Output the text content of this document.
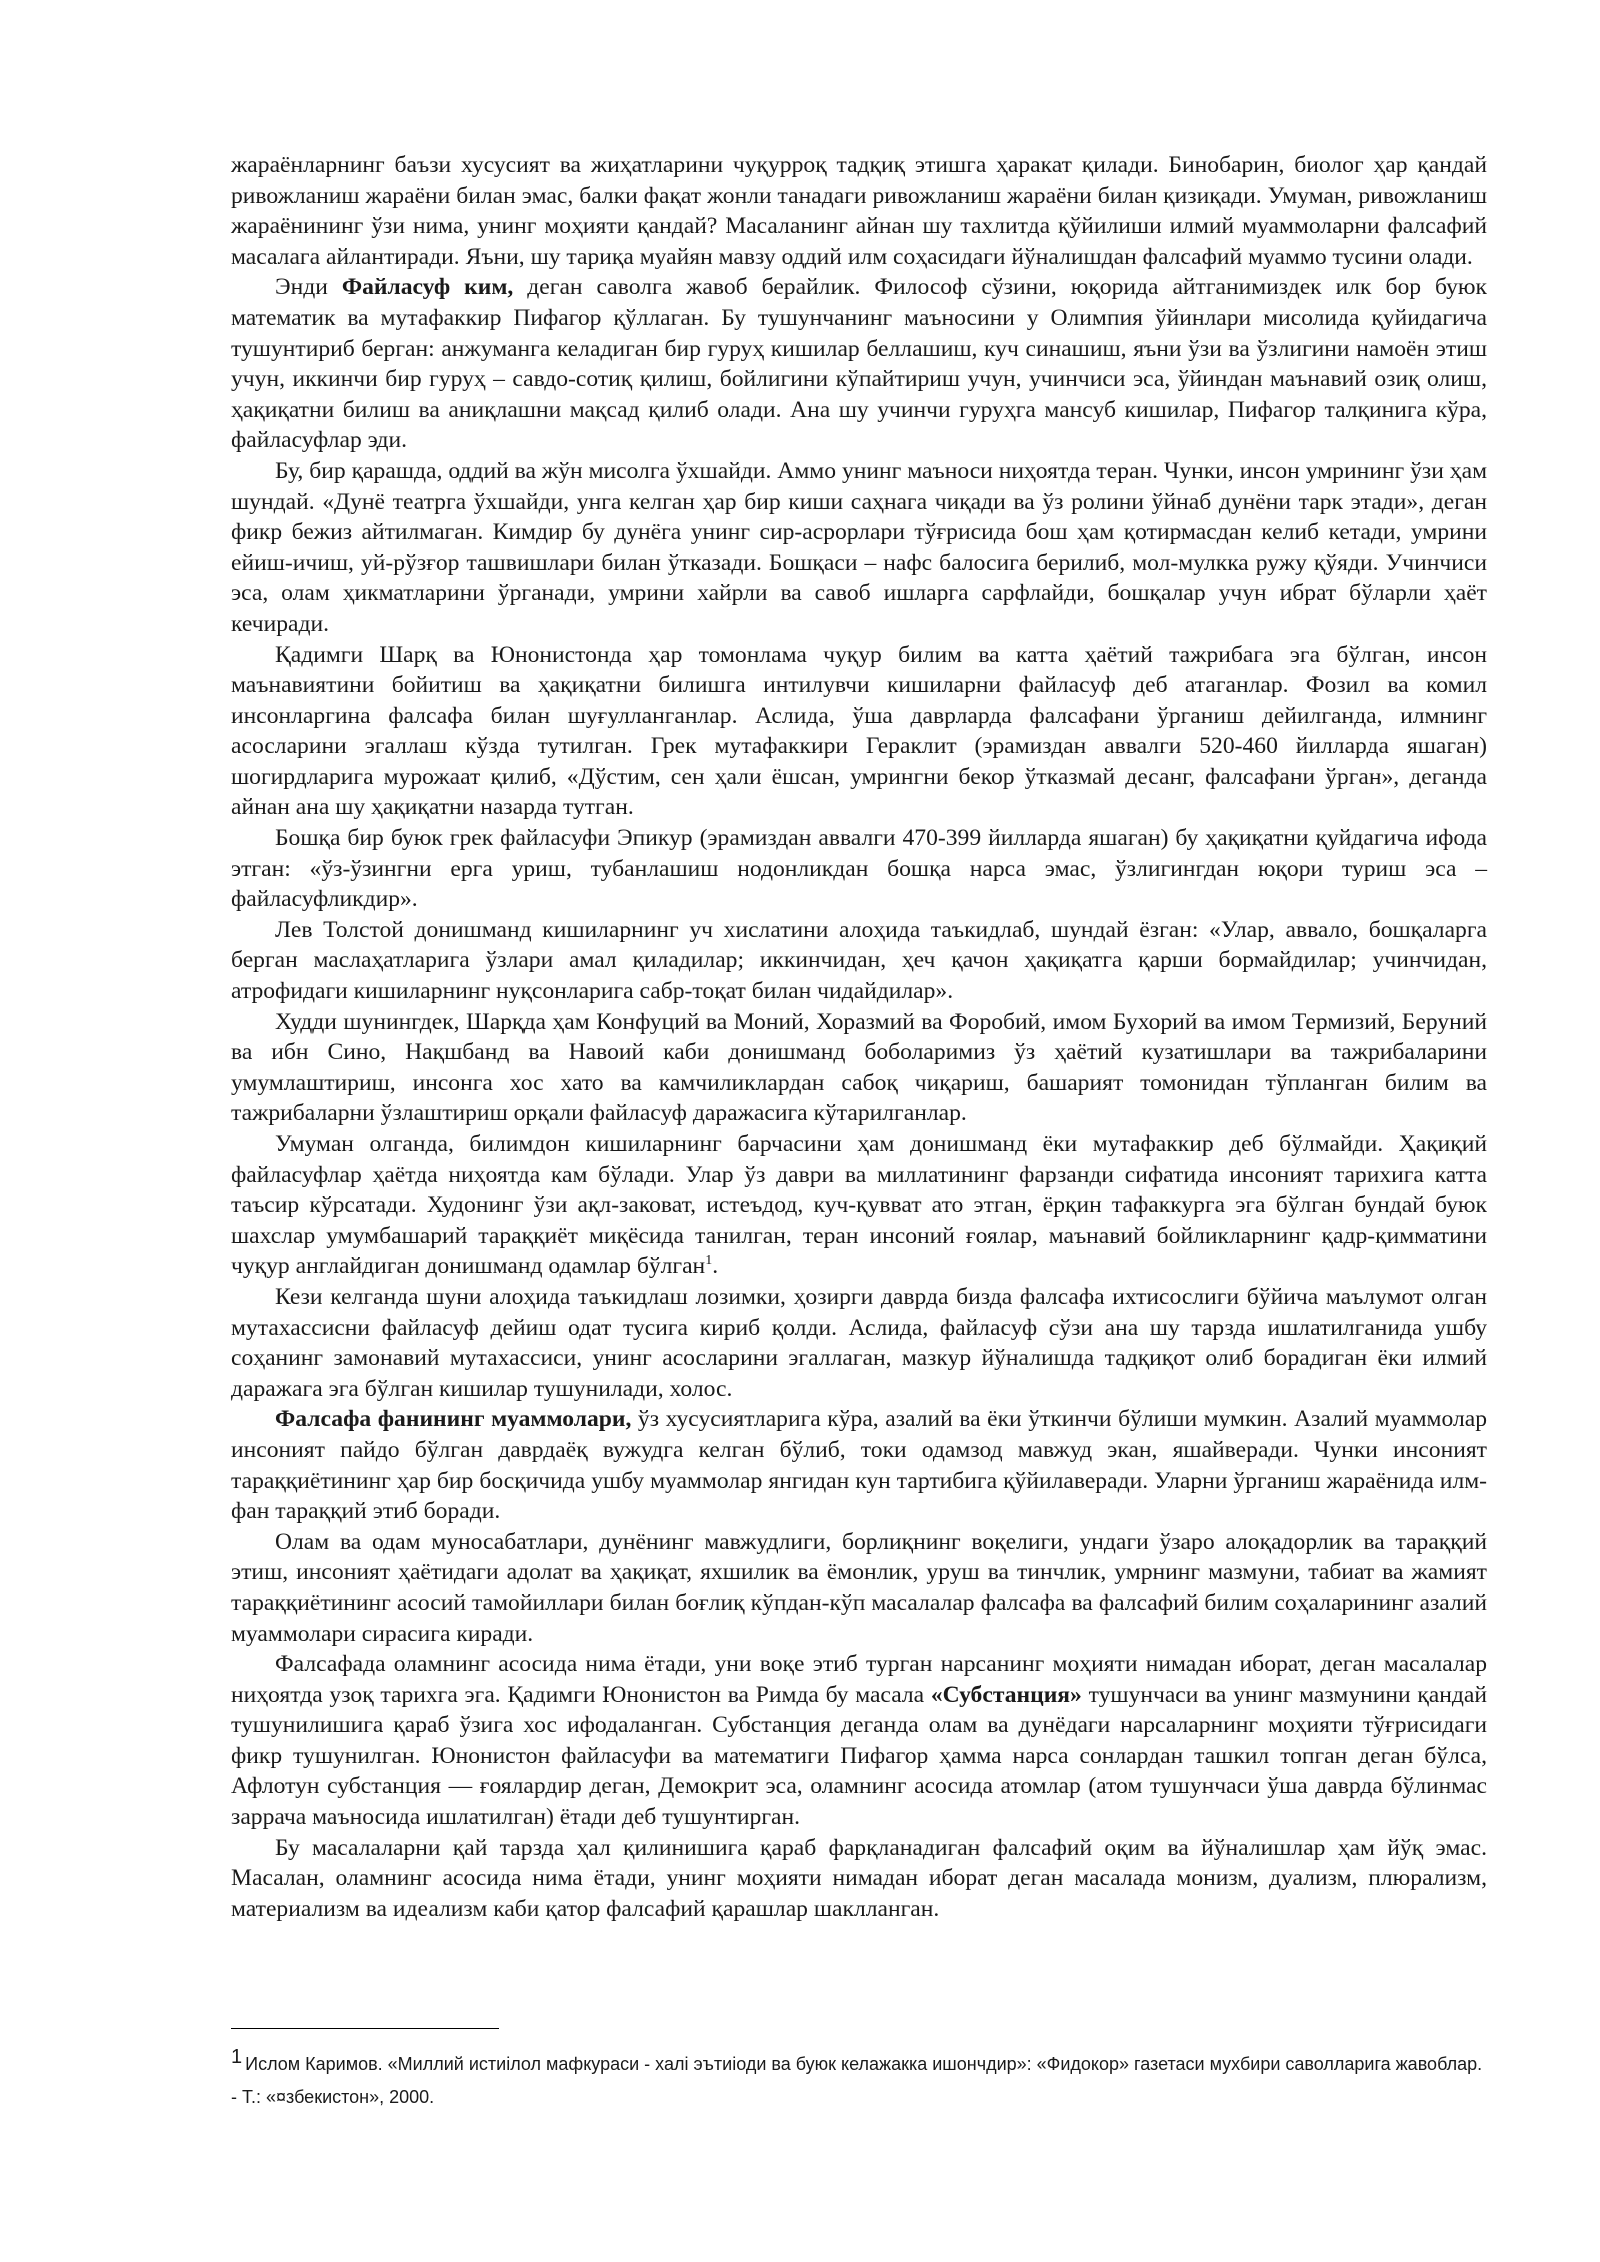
жараёнларнинг баъзи хусусият ва жиҳатларини чуқурроқ тадқиқ этишга ҳаракат қилади. Бинобарин, биолог ҳар қандай ривожланиш жараёни билан эмас, балки фақат жонли танадаги ривожланиш жараёни билан қизиқади. Умуман, ривожланиш жараёнининг ўзи нима, унинг моҳияти қандай? Масаланинг айнан шу тахлитда қўйилиши илмий муаммоларни фалсафий масалага айлантиради. Яъни, шу тариқа муайян мавзу оддий илм соҳасидаги йўналишдан фалсафий муаммо тусини олади.

Энди Файласуф ким, деган саволга жавоб берайлик. Философ сўзини, юқорида айтганимиздек илк бор буюк математик ва мутафаккир Пифагор қўллаган. Бу тушунчанинг маъносини у Олимпия ўйинлари мисолида қуйидагича тушунтириб берган: анжуманга келадиган бир гуруҳ кишилар беллашиш, куч синашиш, яъни ўзи ва ўзлигини намоён этиш учун, иккинчи бир гуруҳ – савдо-сотиқ қилиш, бойлигини кўпайтириш учун, учинчиси эса, ўйиндан маънавий озиқ олиш, ҳақиқатни билиш ва аниқлашни мақсад қилиб олади. Ана шу учинчи гуруҳга мансуб кишилар, Пифагор талқинига кўра, файласуфлар эди.

Бу, бир қарашда, оддий ва жўн мисолга ўхшайди. Аммо унинг маъноси ниҳоятда теран. Чунки, инсон умрининг ўзи ҳам шундай. «Дунё театрга ўхшайди, унга келган ҳар бир киши саҳнага чиқади ва ўз ролини ўйнаб дунёни тарк этади», деган фикр бежиз айтилмаган. Кимдир бу дунёга унинг сир-асрорлари тўғрисида бош ҳам қотирмасдан келиб кетади, умрини ейиш-ичиш, уй-рўзғор ташвишлари билан ўтказади. Бошқаси – нафс балосига берилиб, мол-мулкка ружу қўяди. Учинчиси эса, олам ҳикматларини ўрганади, умрини хайрли ва савоб ишларга сарфлайди, бошқалар учун ибрат бўларли ҳаёт кечиради.

Қадимги Шарқ ва Юнонистонда ҳар томонлама чуқур билим ва катта ҳаётий тажрибага эга бўлган, инсон маънавиятини бойитиш ва ҳақиқатни билишга интилувчи кишиларни файласуф деб атаганлар. Фозил ва комил инсонларгина фалсафа билан шуғулланганлар. Аслида, ўша даврларда фалсафани ўрганиш дейилганда, илмнинг асосларини эгаллаш кўзда тутилган. Грек мутафаккири Гераклит (эрамиздан аввалги 520-460 йилларда яшаган) шогирдларига мурожаат қилиб, «Дўстим, сен ҳали ёшсан, умрингни бекор ўтказмай десанг, фалсафани ўрган», деганда айнан ана шу ҳақиқатни назарда тутган.

Бошқа бир буюк грек файласуфи Эпикур (эрамиздан аввалги 470-399 йилларда яшаган) бу ҳақиқатни қуйдагича ифода этган: «ўз-ўзингни ерга уриш, тубанлашиш нодонликдан бошқа нарса эмас, ўзлигингдан юқори туриш эса – файласуфликдир».

Лев Толстой донишманд кишиларнинг уч хислатини алоҳида таъкидлаб, шундай ёзган: «Улар, аввало, бошқаларга берган маслаҳатларига ўзлари амал қиладилар; иккинчидан, ҳеч қачон ҳақиқатга қарши бормайдилар; учинчидан, атрофидаги кишиларнинг нуқсонларига сабр-тоқат билан чидайдилар».

Худди шунингдек, Шарқда ҳам Конфуций ва Моний, Хоразмий ва Форобий, имом Бухорий ва имом Термизий, Беруний ва ибн Сино, Нақшбанд ва Навоий каби донишманд боболаримиз ўз ҳаётий кузатишлари ва тажрибаларини умумлаштириш, инсонга хос хато ва камчиликлардан сабоқ чиқариш, башарият томонидан тўпланган билим ва тажрибаларни ўзлаштириш орқали файласуф даражасига кўтарилганлар.

Умуман олганда, билимдон кишиларнинг барчасини ҳам донишманд ёки мутафаккир деб бўлмайди. Ҳақиқий файласуфлар ҳаётда ниҳоятда кам бўлади. Улар ўз даври ва миллатининг фарзанди сифатида инсоният тарихига катта таъсир кўрсатади. Худонинг ўзи ақл-заковат, истеъдод, куч-қувват ато этган, ёрқин тафаккурга эга бўлган бундай буюк шахслар умумбашарий тараққиёт миқёсида танилган, теран инсоний ғоялар, маънавий бойликларнинг қадр-қимматини чуқур англайдиган донишманд одамлар бўлган$^1$.

Кези келганда шуни алоҳида таъкидлаш лозимки, ҳозирги даврда бизда фалсафа ихтисослиги бўйича маълумот олган мутахассисни файласуф дейиш одат тусига кириб қолди. Аслида, файласуф сўзи ана шу тарзда ишлатилганида ушбу соҳанинг замонавий мутахассиси, унинг асосларини эгаллаган, мазкур йўналишда тадқиқот олиб борадиган ёки илмий даражага эга бўлган кишилар тушунилади, холос.

Фалсафа фанининг муаммолари, ўз хусусиятларига кўра, азалий ва ёки ўткинчи бўлиши мумкин. Азалий муаммолар инсоният пайдо бўлган даврдаёқ вужудга келган бўлиб, токи одамзод мавжуд экан, яшайверади. Чунки инсоният тараққиётининг ҳар бир босқичида ушбу муаммолар янгидан кун тартибига қўйилаверади. Уларни ўрганиш жараёнида илм-фан тараққий этиб боради.

Олам ва одам муносабатлари, дунёнинг мавжудлиги, борлиқнинг воқелиги, ундаги ўзаро алоқадорлик ва тараққий этиш, инсоният ҳаётидаги адолат ва ҳақиқат, яхшилик ва ёмонлик, уруш ва тинчлик, умрнинг мазмуни, табиат ва жамият тараққиётининг асосий тамойиллари билан боғлиқ кўпдан-кўп масалалар фалсафа ва фалсафий билим соҳаларининг азалий муаммолари сирасига киради.

Фалсафада оламнинг асосида нима ётади, уни воқе этиб турган нарсанинг моҳияти нимадан иборат, деган масалалар ниҳоятда узоқ тарихга эга. Қадимги Юнонистон ва Римда бу масала «Субстанция» тушунчаси ва унинг мазмунини қандай тушунилишига қараб ўзига хос ифодаланган. Субстанция деганда олам ва дунёдаги нарсаларнинг моҳияти тўғрисидаги фикр тушунилган. Юнонистон файласуфи ва математиги Пифагор ҳамма нарса сонлардан ташкил топган деган бўлса, Афлотун субстанция — ғоялардир деган, Демокрит эса, оламнинг асосида атомлар (атом тушунчаси ўша даврда бўлинмас заррача маъносида ишлатилган) ётади деб тушунтирган.

Бу масалаларни қай тарзда ҳал қилинишига қараб фарқланадиган фалсафий оқим ва йўналишлар ҳам йўқ эмас. Масалан, оламнинг асосида нима ётади, унинг моҳияти нимадан иборат деган масалада монизм, дуализм, плюрализм, материализм ва идеализм каби қатор фалсафий қарашлар шаклланган.

1 Ислом Каримов. «Миллий истиілол мафкураси - халі эътиіоди ва буюк келажакка ишончдир»: «Фидокор» газетаси мухбири саволларига жавоблар. - Т.: «¤збекистон», 2000.
